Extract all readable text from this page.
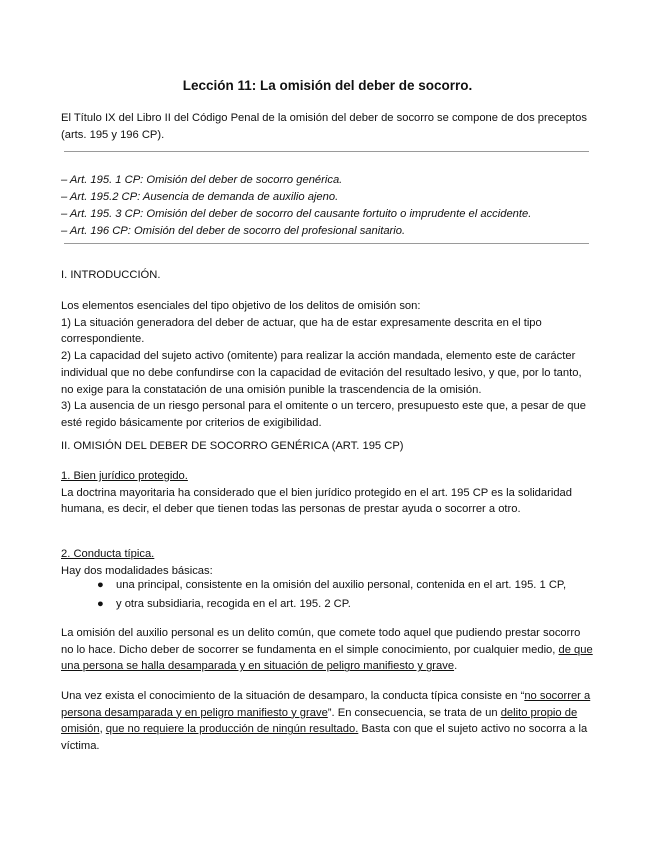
Lección 11: La omisión del deber de socorro.
El Título IX del Libro II del Código Penal de la omisión del deber de socorro se compone de dos preceptos (arts. 195 y 196 CP).
– Art. 195. 1 CP: Omisión del deber de socorro genérica.
– Art. 195.2 CP: Ausencia de demanda de auxilio ajeno.
– Art. 195. 3 CP: Omisión del deber de socorro del causante fortuito o imprudente el accidente.
– Art. 196 CP: Omisión del deber de socorro del profesional sanitario.
I. INTRODUCCIÓN.
Los elementos esenciales del tipo objetivo de los delitos de omisión son:
1) La situación generadora del deber de actuar, que ha de estar expresamente descrita en el tipo correspondiente.
2) La capacidad del sujeto activo (omitente) para realizar la acción mandada, elemento este de carácter individual que no debe confundirse con la capacidad de evitación del resultado lesivo, y que, por lo tanto, no exige para la constatación de una omisión punible la trascendencia de la omisión.
3) La ausencia de un riesgo personal para el omitente o un tercero, presupuesto este que, a pesar de que esté regido básicamente por criterios de exigibilidad.
II. OMISIÓN DEL DEBER DE SOCORRO GENÉRICA (ART. 195 CP)
1. Bien jurídico protegido.
La doctrina mayoritaria ha considerado que el bien jurídico protegido en el art. 195 CP es la solidaridad humana, es decir, el deber que tienen todas las personas de prestar ayuda o socorrer a otro.
2. Conducta típica.
Hay dos modalidades básicas:
● una principal, consistente en la omisión del auxilio personal, contenida en el art. 195. 1 CP,
● y otra subsidiaria, recogida en el art. 195. 2 CP.
La omisión del auxilio personal es un delito común, que comete todo aquel que pudiendo prestar socorro no lo hace. Dicho deber de socorrer se fundamenta en el simple conocimiento, por cualquier medio, de que una persona se halla desamparada y en situación de peligro manifiesto y grave.
Una vez exista el conocimiento de la situación de desamparo, la conducta típica consiste en “no socorrer a persona desamparada y en peligro manifiesto y grave”. En consecuencia, se trata de un delito propio de omisión, que no requiere la producción de ningún resultado. Basta con que el sujeto activo no socorra a la víctima.
